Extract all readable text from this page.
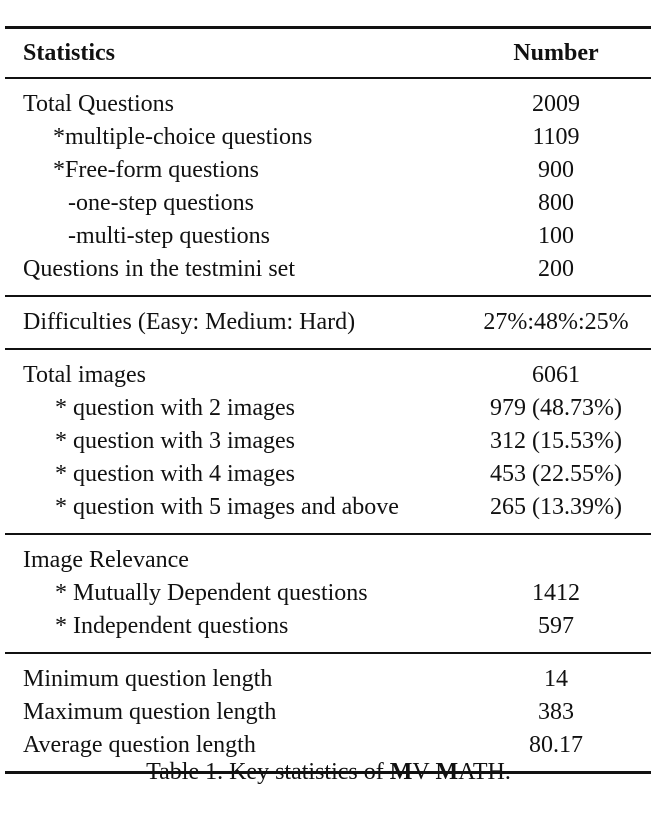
Statistics	Number
Total Questions	2009
*multiple-choice questions	1109
*Free-form questions	900
-one-step questions	800
-multi-step questions	100
Questions in the testmini set	200
Difficulties (Easy: Medium: Hard)	27%:48%:25%
Total images	6061
* question with 2 images	979 (48.73%)
* question with 3 images	312 (15.53%)
* question with 4 images	453 (22.55%)
* question with 5 images and above	265 (13.39%)
Image Relevance	
* Mutually Dependent questions	1412
* Independent questions	597
Minimum question length	14
Maximum question length	383
Average question length	80.17
Table 1. Key statistics of MV-MATH.
